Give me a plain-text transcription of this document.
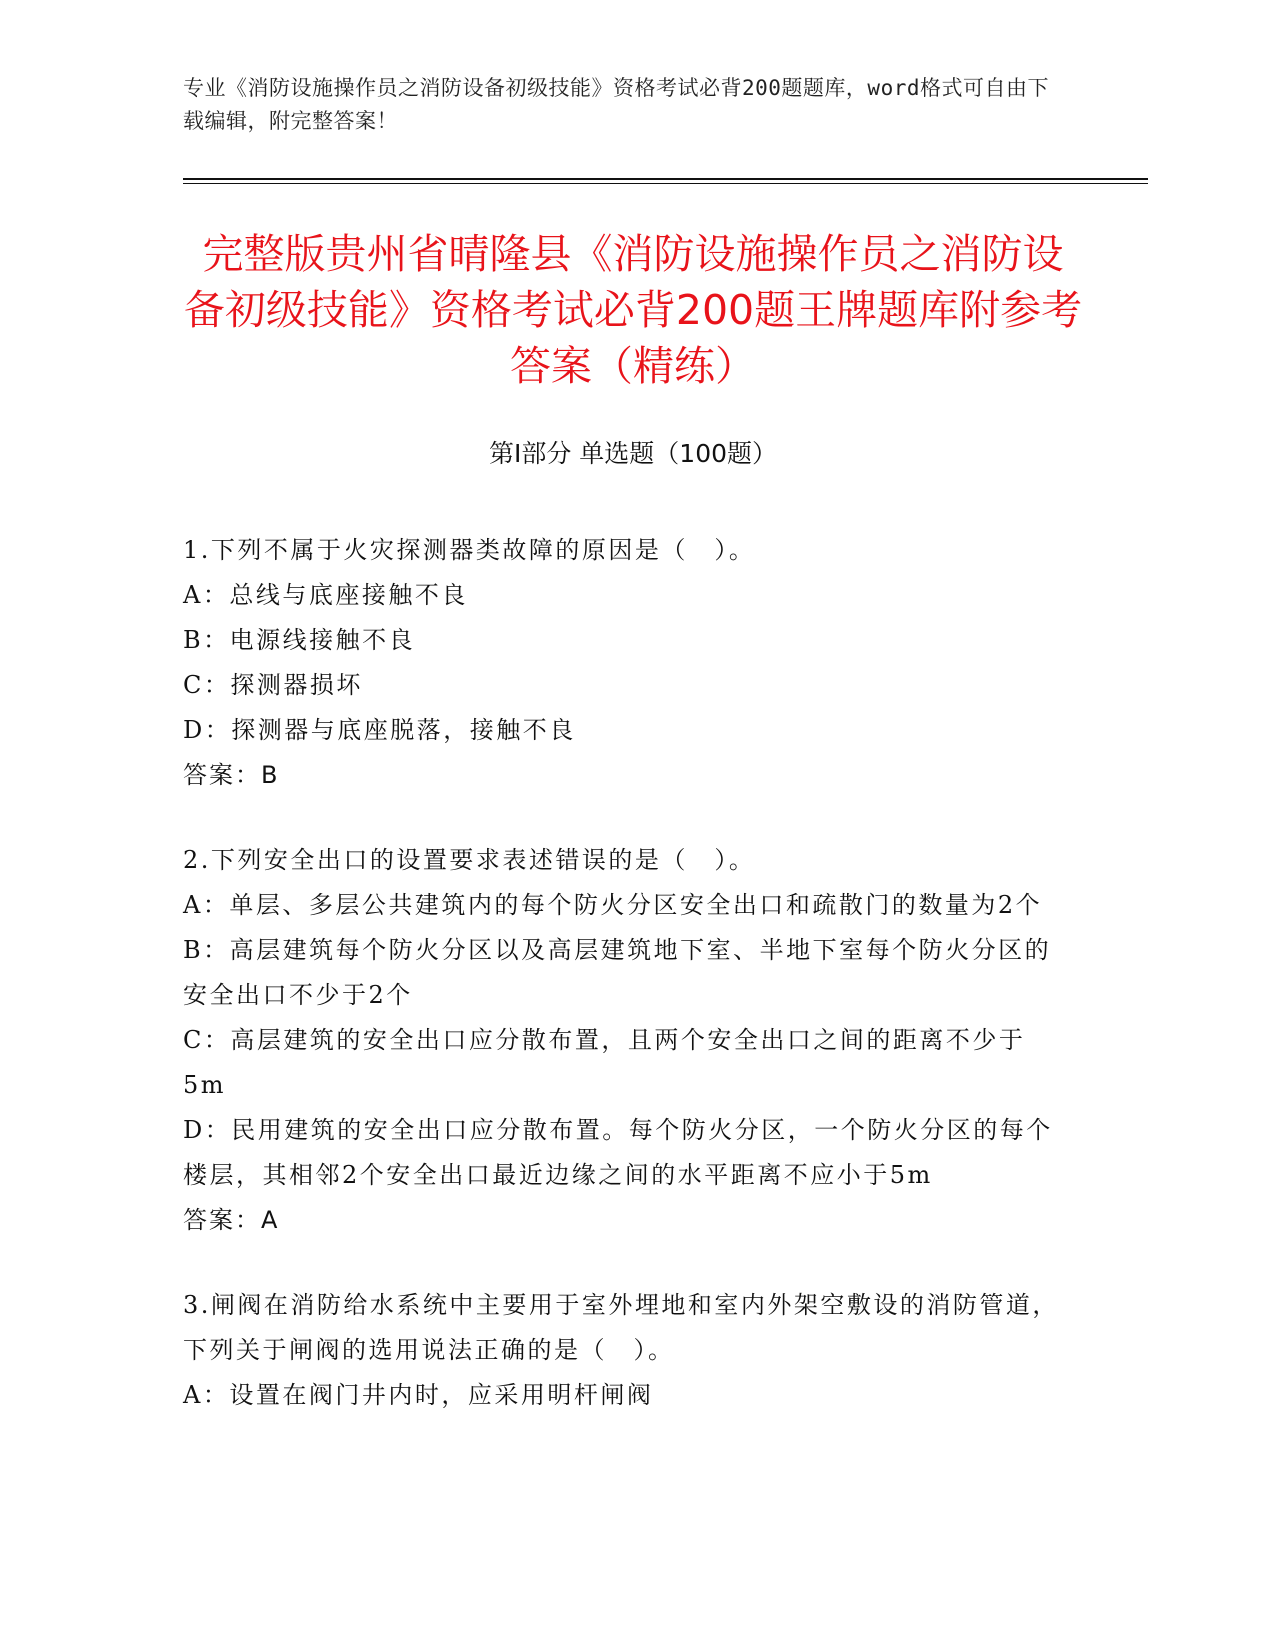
专业《消防设施操作员之消防设备初级技能》资格考试必背200题题库，word格式可自由下载编辑，附完整答案！
完整版贵州省晴隆县《消防设施操作员之消防设备初级技能》资格考试必背200题王牌题库附参考答案（精练）
第Ⅰ部分 单选题（100题）

1.下列不属于火灾探测器类故障的原因是（　）。

A：总线与底座接触不良

B：电源线接触不良

C：探测器损坏

D：探测器与底座脱落，接触不良

答案：B

2.下列安全出口的设置要求表述错误的是（　）。

A：单层、多层公共建筑内的每个防火分区安全出口和疏散门的数量为2个

B：高层建筑每个防火分区以及高层建筑地下室、半地下室每个防火分区的安全出口不少于2个

C：高层建筑的安全出口应分散布置，且两个安全出口之间的距离不少于5m

D：民用建筑的安全出口应分散布置。每个防火分区，一个防火分区的每个楼层，其相邻2个安全出口最近边缘之间的水平距离不应小于5m

答案：A

3.闸阀在消防给水系统中主要用于室外埋地和室内外架空敷设的消防管道，下列关于闸阀的选用说法正确的是（　）。

A：设置在阀门井内时，应采用明杆闸阀
